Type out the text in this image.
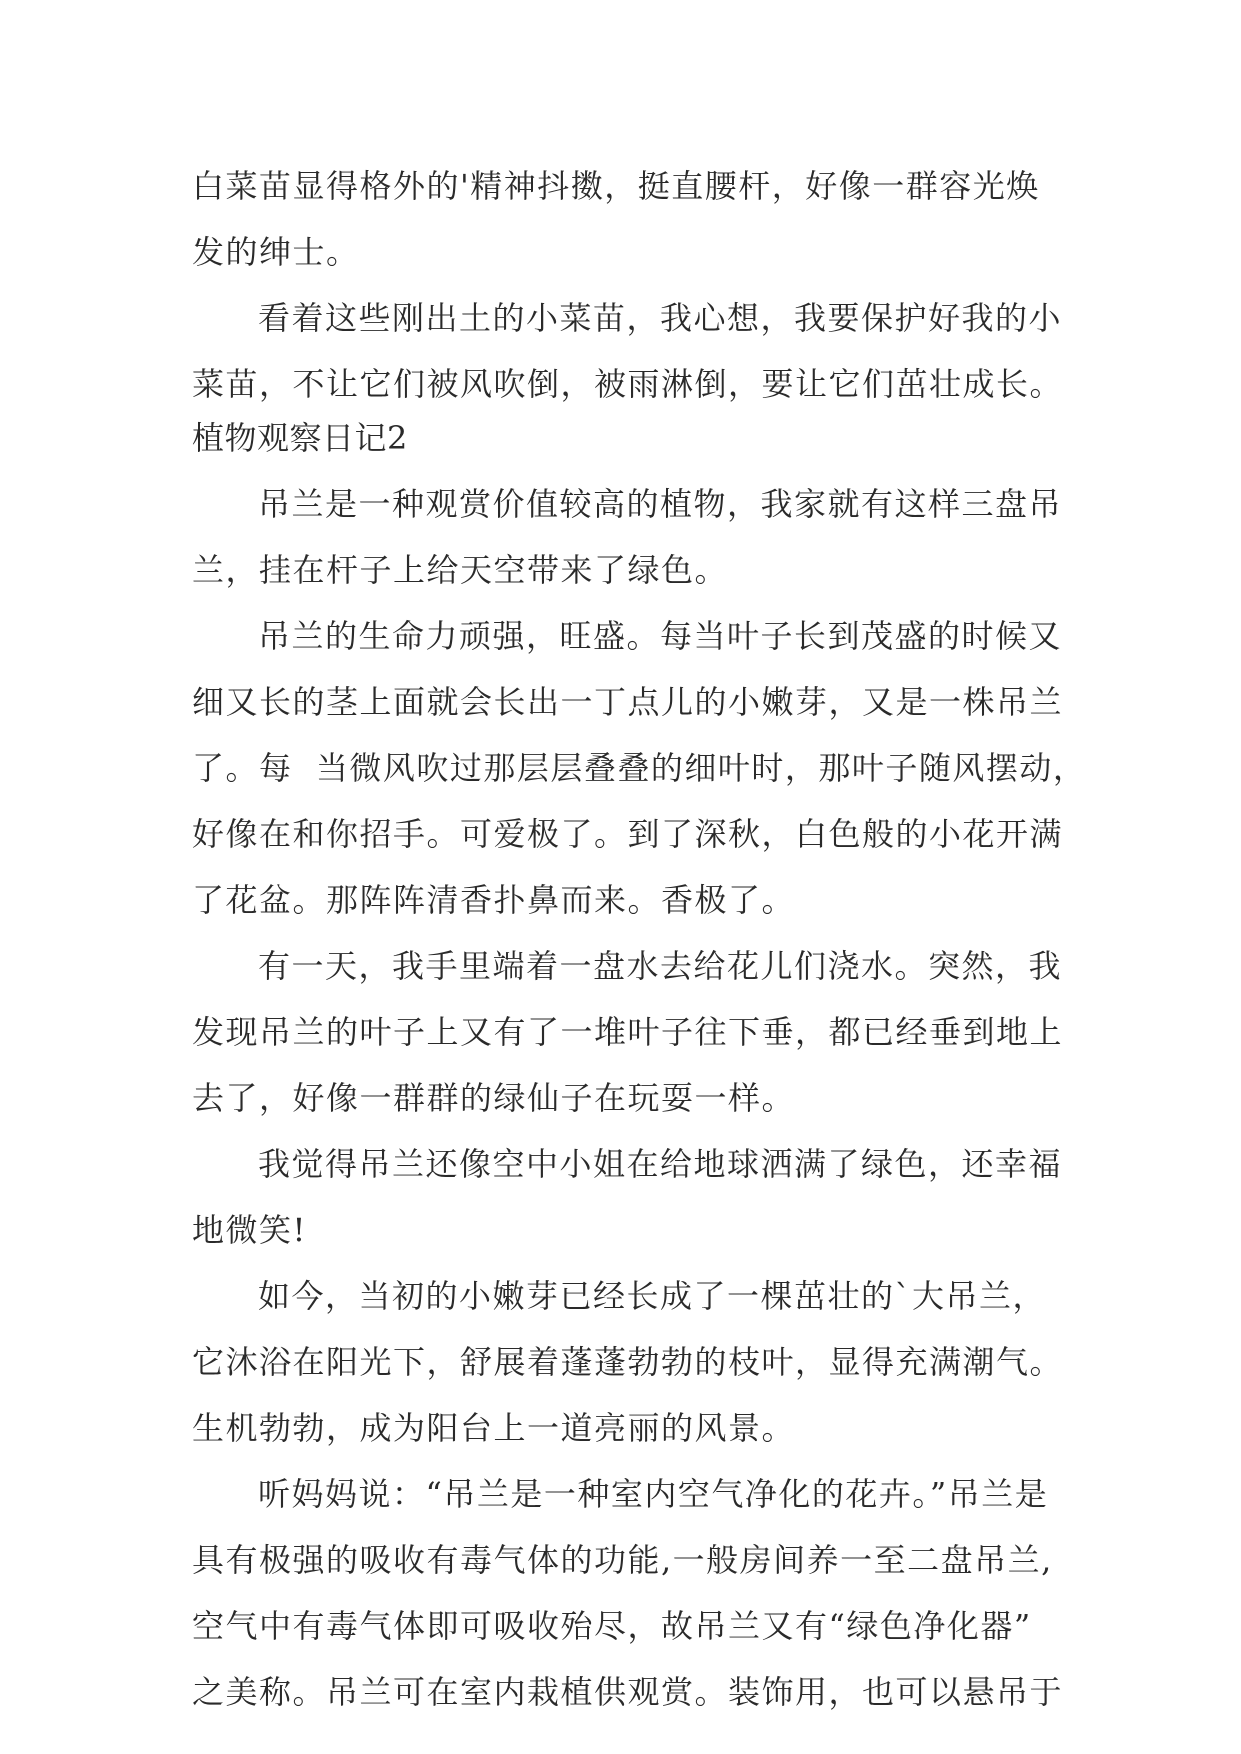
白菜苗显得格外的'精神抖擞，挺直腰杆，好像一群容光焕
发的绅士。
看着这些刚出土的小菜苗，我心想，我要保护好我的小
菜苗，不让它们被风吹倒，被雨淋倒，要让它们茁壮成长。
植物观察日记2
吊兰是一种观赏价值较高的植物，我家就有这样三盘吊
兰，挂在杆子上给天空带来了绿色。
吊兰的生命力顽强，旺盛。每当叶子长到茂盛的时候又
细又长的茎上面就会长出一丁点儿的小嫩芽，又是一株吊兰
了。每  当微风吹过那层层叠叠的细叶时，那叶子随风摆动，
好像在和你招手。可爱极了。到了深秋，白色般的小花开满
了花盆。那阵阵清香扑鼻而来。香极了。
有一天，我手里端着一盘水去给花儿们浇水。突然，我
发现吊兰的叶子上又有了一堆叶子往下垂，都已经垂到地上
去了，好像一群群的绿仙子在玩耍一样。
我觉得吊兰还像空中小姐在给地球洒满了绿色，还幸福
地微笑!
如今，当初的小嫩芽已经长成了一棵茁壮的`大吊兰，
它沐浴在阳光下，舒展着蓬蓬勃勃的枝叶，显得充满潮气。
生机勃勃，成为阳台上一道亮丽的风景。
听妈妈说：“吊兰是一种室内空气净化的花卉。”吊兰是
具有极强的吸收有毒气体的功能,一般房间养一至二盘吊兰,
空气中有毒气体即可吸收殆尽，故吊兰又有“绿色净化器”
之美称。吊兰可在室内栽植供观赏。装饰用，也可以悬吊于
